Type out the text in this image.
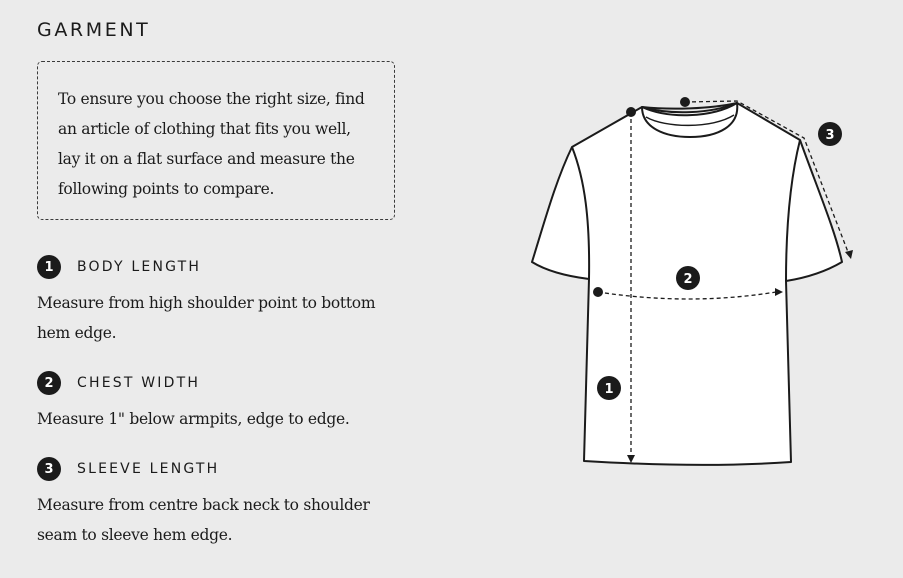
GARMENT
To ensure you choose the right size, find an article of clothing that fits you well, lay it on a flat surface and measure the following points to compare.
1	BODY LENGTH
Measure from high shoulder point to bottom hem edge.
2	CHEST WIDTH
Measure 1" below armpits, edge to edge.
3	SLEEVE LENGTH
Measure from centre back neck to shoulder seam to sleeve hem edge.
1
2
3
